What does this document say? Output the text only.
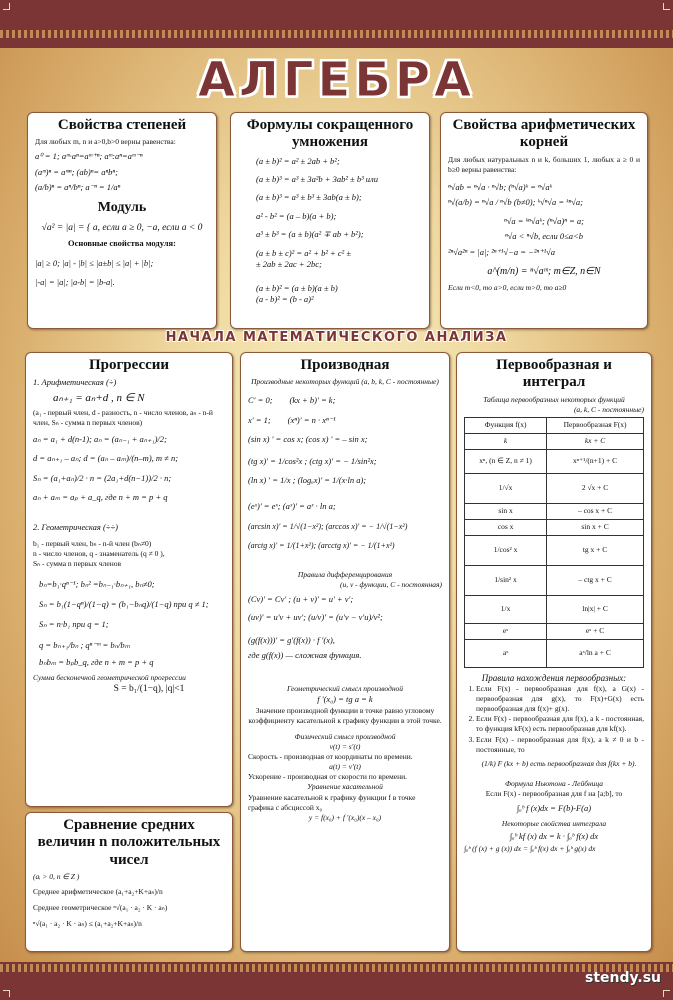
АЛГЕБРА
Свойства степеней
Для любых m, n и a>0,b>0 верны равенства:
a⁰ = 1; aᵐ·aⁿ=aᵐ⁺ⁿ; aᵐ:aⁿ=aᵐ⁻ⁿ
(aᵐ)ⁿ = aᵐⁿ; (ab)ⁿ= aⁿbⁿ;
(a/b)ⁿ = aⁿ/bⁿ; a⁻ⁿ = 1/aⁿ
Модуль
√a² = |a| = { a, если a ≥ 0, −a, если a < 0
Основные свойства модуля:
|a| ≥ 0; |a| - |b| ≤ |a±b| ≤ |a| + |b|;
|-a| = |a|; |a-b| = |b-a|.
Формулы сокращенного умножения
(a ± b)² = a² ± 2ab + b²;
(a ± b)³ = a³ ± 3a²b + 3ab² ± b³ или
(a ± b)³ = a³ ± b³ ± 3ab(a ± b);
a² - b² = (a – b)(a + b);
a³ ± b³ = (a ± b)(a² ∓ ab + b²);
(a ± b ± c)² = a² + b² + c² ±
± 2ab ± 2ac + 2bc;
(a ± b)² = (a ± b)(a ± b)
(a - b)² = (b - a)²
Свойства арифметических корней
Для любых натуральных n и k, больших 1, любых a ≥ 0 и b≥0 верны равенства:
ⁿ√ab = ⁿ√a · ⁿ√b; (ⁿ√a)ᵏ = ⁿ√aᵏ
ⁿ√(a/b) = ⁿ√a / ⁿ√b (b≠0); ᵏ√ⁿ√a = ᵏⁿ√a;
ⁿ√a = ᵏⁿ√aᵏ; (ⁿ√a)ⁿ = a;
ⁿ√a < ⁿ√b, если 0≤a<b
²ⁿ√a²ⁿ = |a|; ²ⁿ⁺¹√−a = −²ⁿ⁺¹√a
a^(m/n) = ⁿ√aᵐ; m∈Z, n∈N
Если m<0, то a>0, если m>0, то a≥0
НАЧАЛА МАТЕМАТИЧЕСКОГО АНАЛИЗА
Прогрессии
1. Арифметическая (÷)
aₙ₊₁ = aₙ+d , n ∈ N
(a₁ - первый член, d - разность, n - число членов, aₙ - n-й член, Sₙ - сумма n первых членов)
aₙ = a₁ + d(n-1); aₙ = (aₙ₋₁ + aₙ₊₁)/2;
d = aₙ₊₁ – aₙ; d = (aₙ – aₘ)/(n–m), m ≠ n;
Sₙ = (a₁+aₙ)/2 · n = (2a₁+d(n−1))/2 · n;
aₙ + aₘ = aₚ + a_q, где n + m = p + q
2. Геометрическая (÷÷)
b₁ - первый член, bₙ - n-й член (bₙ≠0)
n - число членов, q - знаменатель (q ≠ 0 ),
Sₙ - сумма n первых членов
bₙ=b₁·qⁿ⁻¹; bₙ² =bₙ₋₁·bₙ₊₁, bₙ≠0;
Sₙ = b₁(1−qⁿ)/(1−q) = (b₁−bₙq)/(1−q) при q ≠ 1;
Sₙ = n·b₁ при q = 1;
q = bₙ₊₁/bₙ ; qⁿ⁻ᵐ = bₙ/bₘ
bₙbₘ = bₚb_q, где n + m = p + q
Сумма бесконечной геометрической прогрессии
S = b₁/(1−q), |q|<1
Сравнение средних величин n положительных чисел
(aᵢ > 0, n ∈ Z )
Среднее арифметическое (a₁+a₂+K+aₙ)/n
Среднее геометрическое ⁿ√(a₁ · a₂ · K · aₙ)
ⁿ√(a₁ · a₂ · K · aₙ) ≤ (a₁+a₂+K+aₙ)/n
Производная
Производные некоторых функций (a, b, k, C - постоянные)
C' = 0;        (kx + b)' = k;
x' = 1;        (xⁿ)' = n · xⁿ⁻¹
(sin x) ' = cos x; (cos x) ' = – sin x;
(tg x)' = 1/cos²x ; (ctg x)' = − 1/sin²x;
(ln x) ' = 1/x ; (logₐx)' = 1/(x·ln a);
(eˣ)' = eˣ; (aˣ)' = aˣ · ln a;
(arcsin x)' = 1/√(1−x²); (arccos x)' = − 1/√(1−x²)
(arctg x)' = 1/(1+x²); (arcctg x)' = − 1/(1+x²)
Правила дифференцирования
(u, v - функции, C - постоянная)
(Cv)' = Cv' ; (u + v)' = u' + v';
(uv)' = u'v + uv'; (u/v)' = (u'v − v'u)/v²;
(g(f(x)))' = g'(f(x)) · f '(x),
где g(f(x)) — сложная функция.
Геометрический смысл производной
f '(x₀) = tg a = k
Значение производной функции в точке равно угловому коэффициенту касательной к графику функции в этой точке.
Физический смысл производной
v(t) = s'(t)
Скорость - производная от координаты по времени.
a(t) = v'(t)
Ускорение - производная от скорости по времени.
Уравнение касательной
Уравнение касательной к графику функции f в точке графика с абсциссой x₀
y = f(x₀) + f '(x₀)(x – x₀)
Первообразная и интеграл
Таблица первообразных некоторых функций
(a, k, C - постоянные)
Функция f(x)	Первообразная F(x)
k	kx + C
xⁿ, (n ∈ Z, n ≠ 1)	xⁿ⁺¹/(n+1) + C
1/√x	2 √x + C
sin x	– cos x + C
cos x	sin x + C
1/cos² x	tg x + C
1/sin² x	– ctg x + C
1/x	ln|x| + C
eˣ	eˣ + C
aˣ	aˣ/ln a + C
Правила нахождения первообразных:
1. Если F(x) - первообразная для f(x), а G(x) - первообразная для g(x), то F(x)+G(x) есть первообразная для f(x)+ g(x).
2. Если F(x) - первообразная для f(x), а k - постоянная, то функция kF(x) есть первообразная для kf(x).
3. Если F(x) - первообразная для f(x), а k ≠ 0 и b - постоянные, то
(1/k) F (kx + b) есть первообразная для f(kx + b).
Формула Ньютона - Лейбница
Если F(x) - первообразная для f на [a;b], то
∫ₐᵇ f (x)dx = F(b)-F(a)
Некоторые свойства интеграла
∫ₐᵇ kf (x) dx = k · ∫ₐᵇ f(x) dx
∫ₐᵇ (f (x) + g (x)) dx = ∫ₐᵇ f(x) dx + ∫ₐᵇ g(x) dx
stendy.su
